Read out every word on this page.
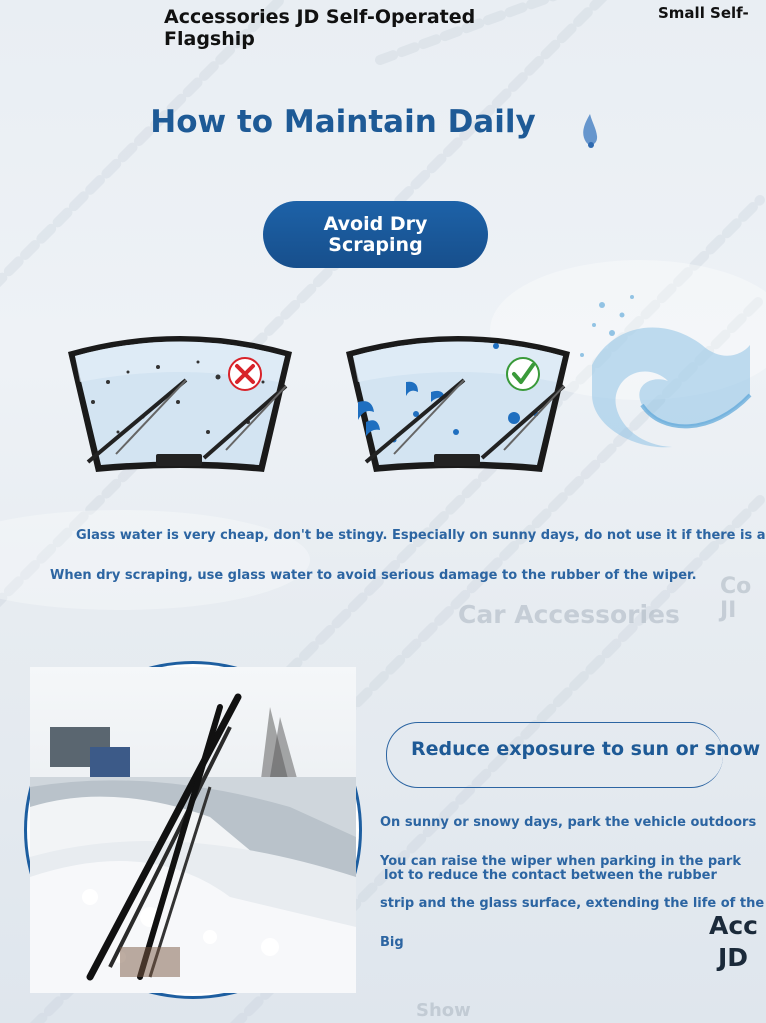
Accessories JD Self-Operated Flagship
Small Self-
How to Maintain Daily
Avoid Dry Scraping
Glass water is very cheap, don't be stingy. Especially on sunny days, do not use it if there is a
When dry scraping, use glass water to avoid serious damage to the rubber of the wiper.
Car Accessories
Co
JI
Reduce exposure to sun or snow
On sunny or snowy days, park the vehicle outdoors
You can raise the wiper when parking in the park
lot to reduce the contact between the rubber
strip and the glass surface, extending the life of the
Big
Acc
JD
Show
